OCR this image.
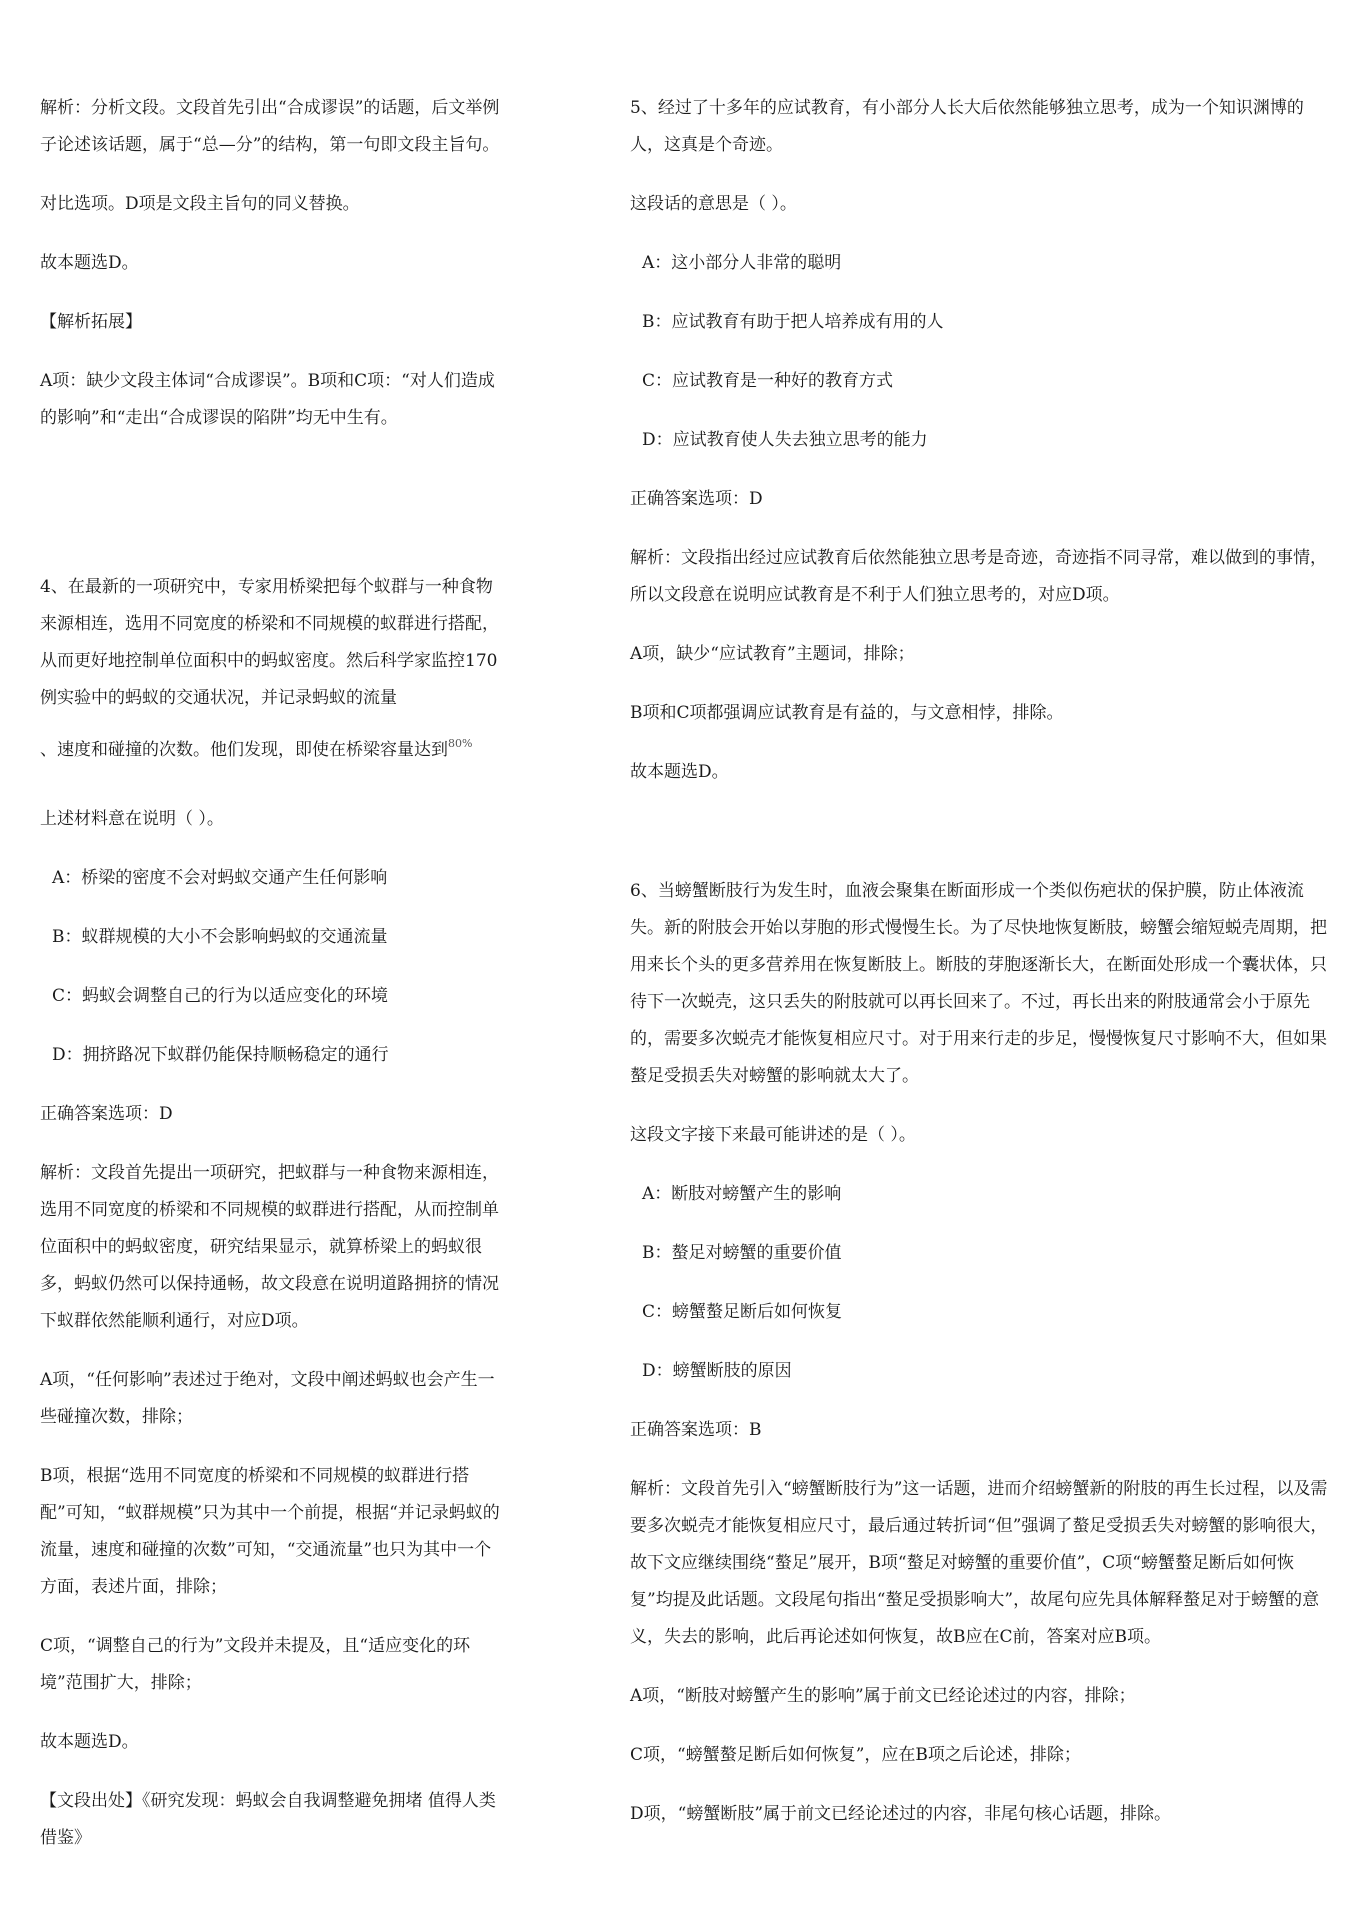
解析：分析文段。文段首先引出“合成谬误”的话题，后文举例子论述该话题，属于“总—分”的结构，第一句即文段主旨句。

对比选项。D项是文段主旨句的同义替换。

故本题选D。

【解析拓展】

A项：缺少文段主体词“合成谬误”。B项和C项：“对人们造成的影响”和“走出“合成谬误的陷阱”均无中生有。

4、在最新的一项研究中，专家用桥梁把每个蚁群与一种食物来源相连，选用不同宽度的桥梁和不同规模的蚁群进行搭配，从而更好地控制单位面积中的蚂蚁密度。然后科学家监控170例实验中的蚂蚁的交通状况，并记录蚂蚁的流量

、速度和碰撞的次数。他们发现，即使在桥梁容量达到$^{80\%}$

上述材料意在说明（ ）。

A：桥梁的密度不会对蚂蚁交通产生任何影响

B：蚁群规模的大小不会影响蚂蚁的交通流量

C：蚂蚁会调整自己的行为以适应变化的环境

D：拥挤路况下蚁群仍能保持顺畅稳定的通行

正确答案选项：D

解析：文段首先提出一项研究，把蚁群与一种食物来源相连，选用不同宽度的桥梁和不同规模的蚁群进行搭配，从而控制单位面积中的蚂蚁密度，研究结果显示，就算桥梁上的蚂蚁很多，蚂蚁仍然可以保持通畅，故文段意在说明道路拥挤的情况下蚁群依然能顺利通行，对应D项。

A项，“任何影响”表述过于绝对，文段中阐述蚂蚁也会产生一些碰撞次数，排除；

B项，根据“选用不同宽度的桥梁和不同规模的蚁群进行搭配”可知，“蚁群规模”只为其中一个前提，根据“并记录蚂蚁的流量，速度和碰撞的次数”可知，“交通流量”也只为其中一个方面，表述片面，排除；

C项，“调整自己的行为”文段并未提及，且“适应变化的环境”范围扩大，排除；

故本题选D。

【文段出处】《研究发现：蚂蚁会自我调整避免拥堵 值得人类借鉴》

5、经过了十多年的应试教育，有小部分人长大后依然能够独立思考，成为一个知识渊博的人，这真是个奇迹。

这段话的意思是（ ）。

A：这小部分人非常的聪明

B：应试教育有助于把人培养成有用的人

C：应试教育是一种好的教育方式

D：应试教育使人失去独立思考的能力

正确答案选项：D

解析：文段指出经过应试教育后依然能独立思考是奇迹，奇迹指不同寻常，难以做到的事情，所以文段意在说明应试教育是不利于人们独立思考的，对应D项。

A项，缺少“应试教育”主题词，排除；

B项和C项都强调应试教育是有益的，与文意相悖，排除。

故本题选D。

6、当螃蟹断肢行为发生时，血液会聚集在断面形成一个类似伤疤状的保护膜，防止体液流失。新的附肢会开始以芽胞的形式慢慢生长。为了尽快地恢复断肢，螃蟹会缩短蜕壳周期，把用来长个头的更多营养用在恢复断肢上。断肢的芽胞逐渐长大，在断面处形成一个囊状体，只待下一次蜕壳，这只丢失的附肢就可以再长回来了。不过，再长出来的附肢通常会小于原先的，需要多次蜕壳才能恢复相应尺寸。对于用来行走的步足，慢慢恢复尺寸影响不大，但如果螯足受损丢失对螃蟹的影响就太大了。

这段文字接下来最可能讲述的是（ ）。

A：断肢对螃蟹产生的影响

B：螯足对螃蟹的重要价值

C：螃蟹螯足断后如何恢复

D：螃蟹断肢的原因

正确答案选项：B

解析：文段首先引入“螃蟹断肢行为”这一话题，进而介绍螃蟹新的附肢的再生长过程，以及需要多次蜕壳才能恢复相应尺寸，最后通过转折词“但”强调了螯足受损丢失对螃蟹的影响很大，故下文应继续围绕“螯足”展开，B项“螯足对螃蟹的重要价值”，C项“螃蟹螯足断后如何恢复”均提及此话题。文段尾句指出“螯足受损影响大”，故尾句应先具体解释螯足对于螃蟹的意义，失去的影响，此后再论述如何恢复，故B应在C前，答案对应B项。

A项，“断肢对螃蟹产生的影响”属于前文已经论述过的内容，排除；

C项，“螃蟹螯足断后如何恢复”，应在B项之后论述，排除；

D项，“螃蟹断肢”属于前文已经论述过的内容，非尾句核心话题，排除。
